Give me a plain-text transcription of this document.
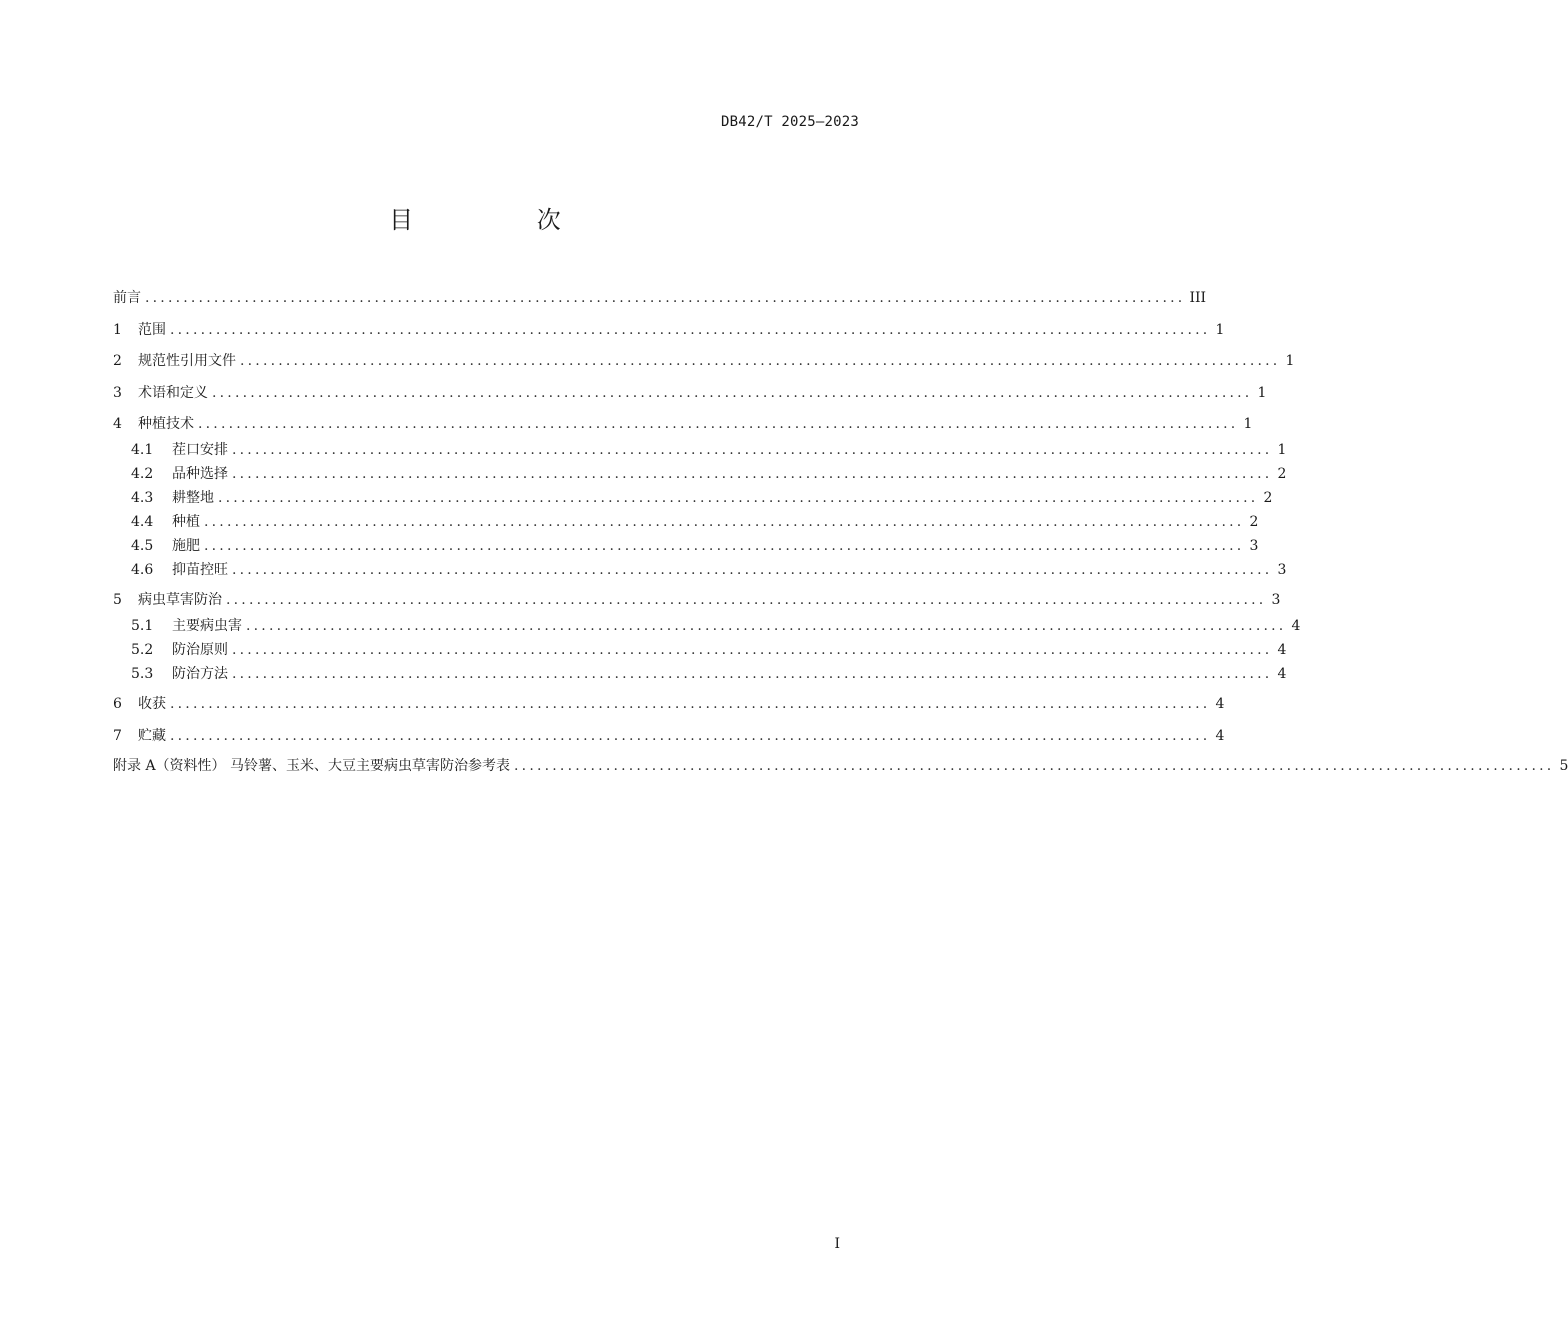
DB42/T 2025—2023
目 次
前言 ........................................................................................................................................ III
1	范围 ........................................................................................................................................ 1
2	规范性引用文件 ........................................................................................................................................ 1
3	术语和定义 ........................................................................................................................................ 1
4	种植技术 ........................................................................................................................................ 1
4.1	茬口安排 ........................................................................................................................................ 1
4.2	品种选择 ........................................................................................................................................ 2
4.3	耕整地 ........................................................................................................................................ 2
4.4	种植 ........................................................................................................................................ 2
4.5	施肥 ........................................................................................................................................ 3
4.6	抑苗控旺 ........................................................................................................................................ 3
5	病虫草害防治 ........................................................................................................................................ 3
5.1	主要病虫害 ........................................................................................................................................ 4
5.2	防治原则 ........................................................................................................................................ 4
5.3	防治方法 ........................................................................................................................................ 4
6	收获 ........................................................................................................................................ 4
7	贮藏 ........................................................................................................................................ 4
附录 A（资料性） 马铃薯、玉米、大豆主要病虫草害防治参考表 ........................................................................................................................................ 5
I
